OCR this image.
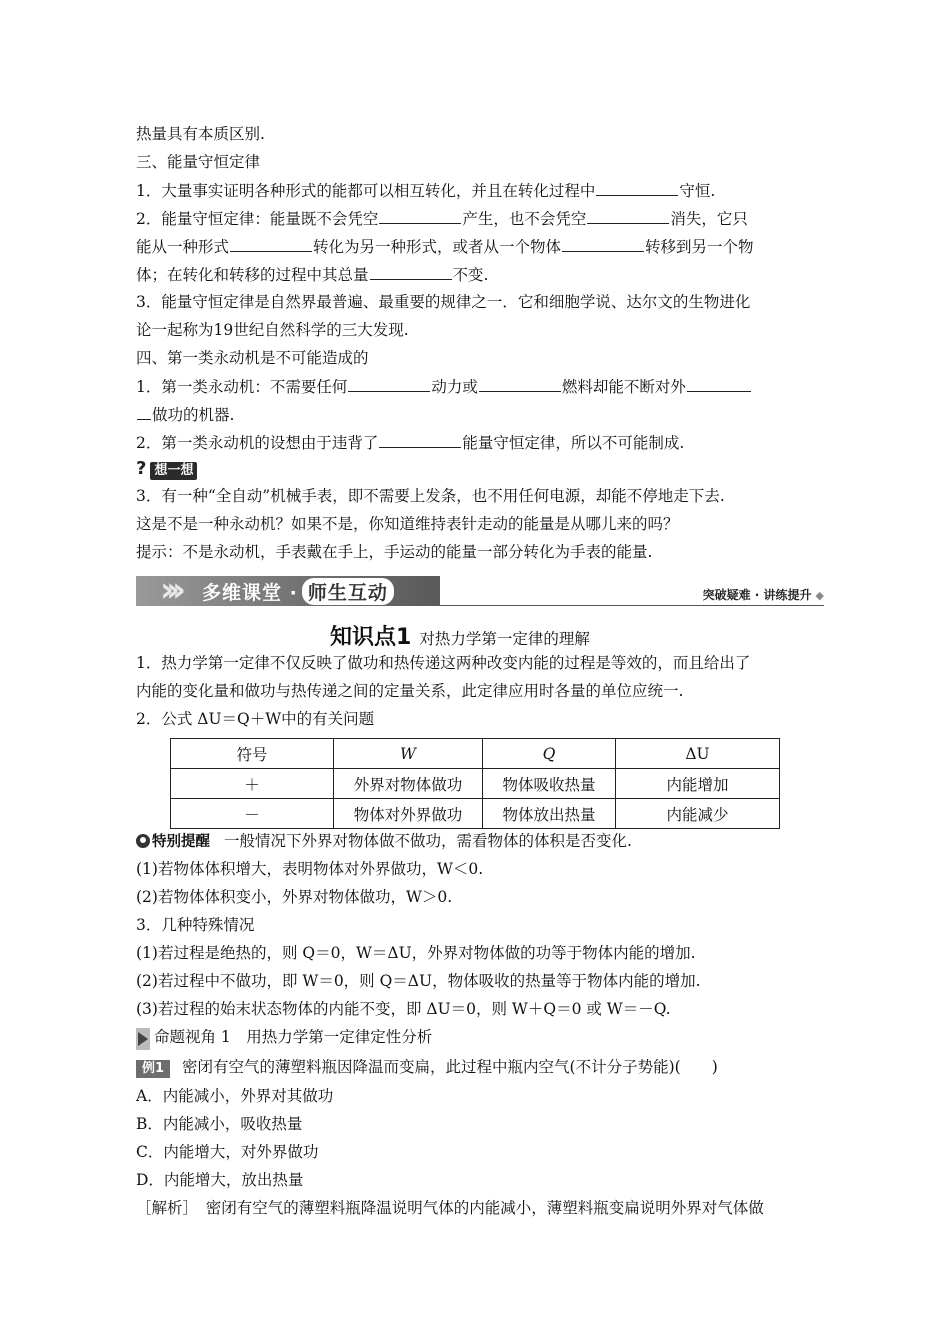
热量具有本质区别.
三、能量守恒定律
1．大量事实证明各种形式的能都可以相互转化，并且在转化过程中	守恒.
2．能量守恒定律：能量既不会凭空	产生，也不会凭空	消失，它只
能从一种形式	转化为另一种形式，或者从一个物体	转移到另一个物
体；在转化和转移的过程中其总量	不变.
3．能量守恒定律是自然界最普遍、最重要的规律之一．它和细胞学说、达尔文的生物进化
论一起称为19世纪自然科学的三大发现.
四、第一类永动机是不可能造成的
1．第一类永动机：不需要任何	动力或	燃料却能不断对外
做功的机器.
2．第一类永动机的设想由于违背了	能量守恒定律，所以不可能制成.
? 想一想
3．有一种“全自动”机械手表，即不需要上发条，也不用任何电源，却能不停地走下去.
这是不是一种永动机？如果不是，你知道维持表针走动的能量是从哪儿来的吗？
提示：不是永动机，手表戴在手上，手运动的能量一部分转化为手表的能量.
››› 多维课堂 · 师生互动	突破疑难 · 讲练提升 ◆
知识点1 对热力学第一定律的理解
1．热力学第一定律不仅反映了做功和热传递这两种改变内能的过程是等效的，而且给出了
内能的变化量和做功与热传递之间的定量关系，此定律应用时各量的单位应统一.
2．公式 ΔU＝Q＋W中的有关问题
符号	W	Q	ΔU
＋	外界对物体做功	物体吸收热量	内能增加
－	物体对外界做功	物体放出热量	内能减少
特别提醒 一般情况下外界对物体做不做功，需看物体的体积是否变化.
(1)若物体体积增大，表明物体对外界做功，W＜0.
(2)若物体体积变小，外界对物体做功，W＞0.
3．几种特殊情况
(1)若过程是绝热的，则 Q＝0，W＝ΔU，外界对物体做的功等于物体内能的增加.
(2)若过程中不做功，即 W＝0，则 Q＝ΔU，物体吸收的热量等于物体内能的增加.
(3)若过程的始末状态物体的内能不变，即 ΔU＝0，则 W＋Q＝0 或 W＝－Q.
命题视角 1　用热力学第一定律定性分析
例1 密闭有空气的薄塑料瓶因降温而变扁，此过程中瓶内空气(不计分子势能)(　　)
A．内能减小，外界对其做功
B．内能减小，吸收热量
C．内能增大，对外界做功
D．内能增大，放出热量
［解析］　密闭有空气的薄塑料瓶降温说明气体的内能减小，薄塑料瓶变扁说明外界对气体做
